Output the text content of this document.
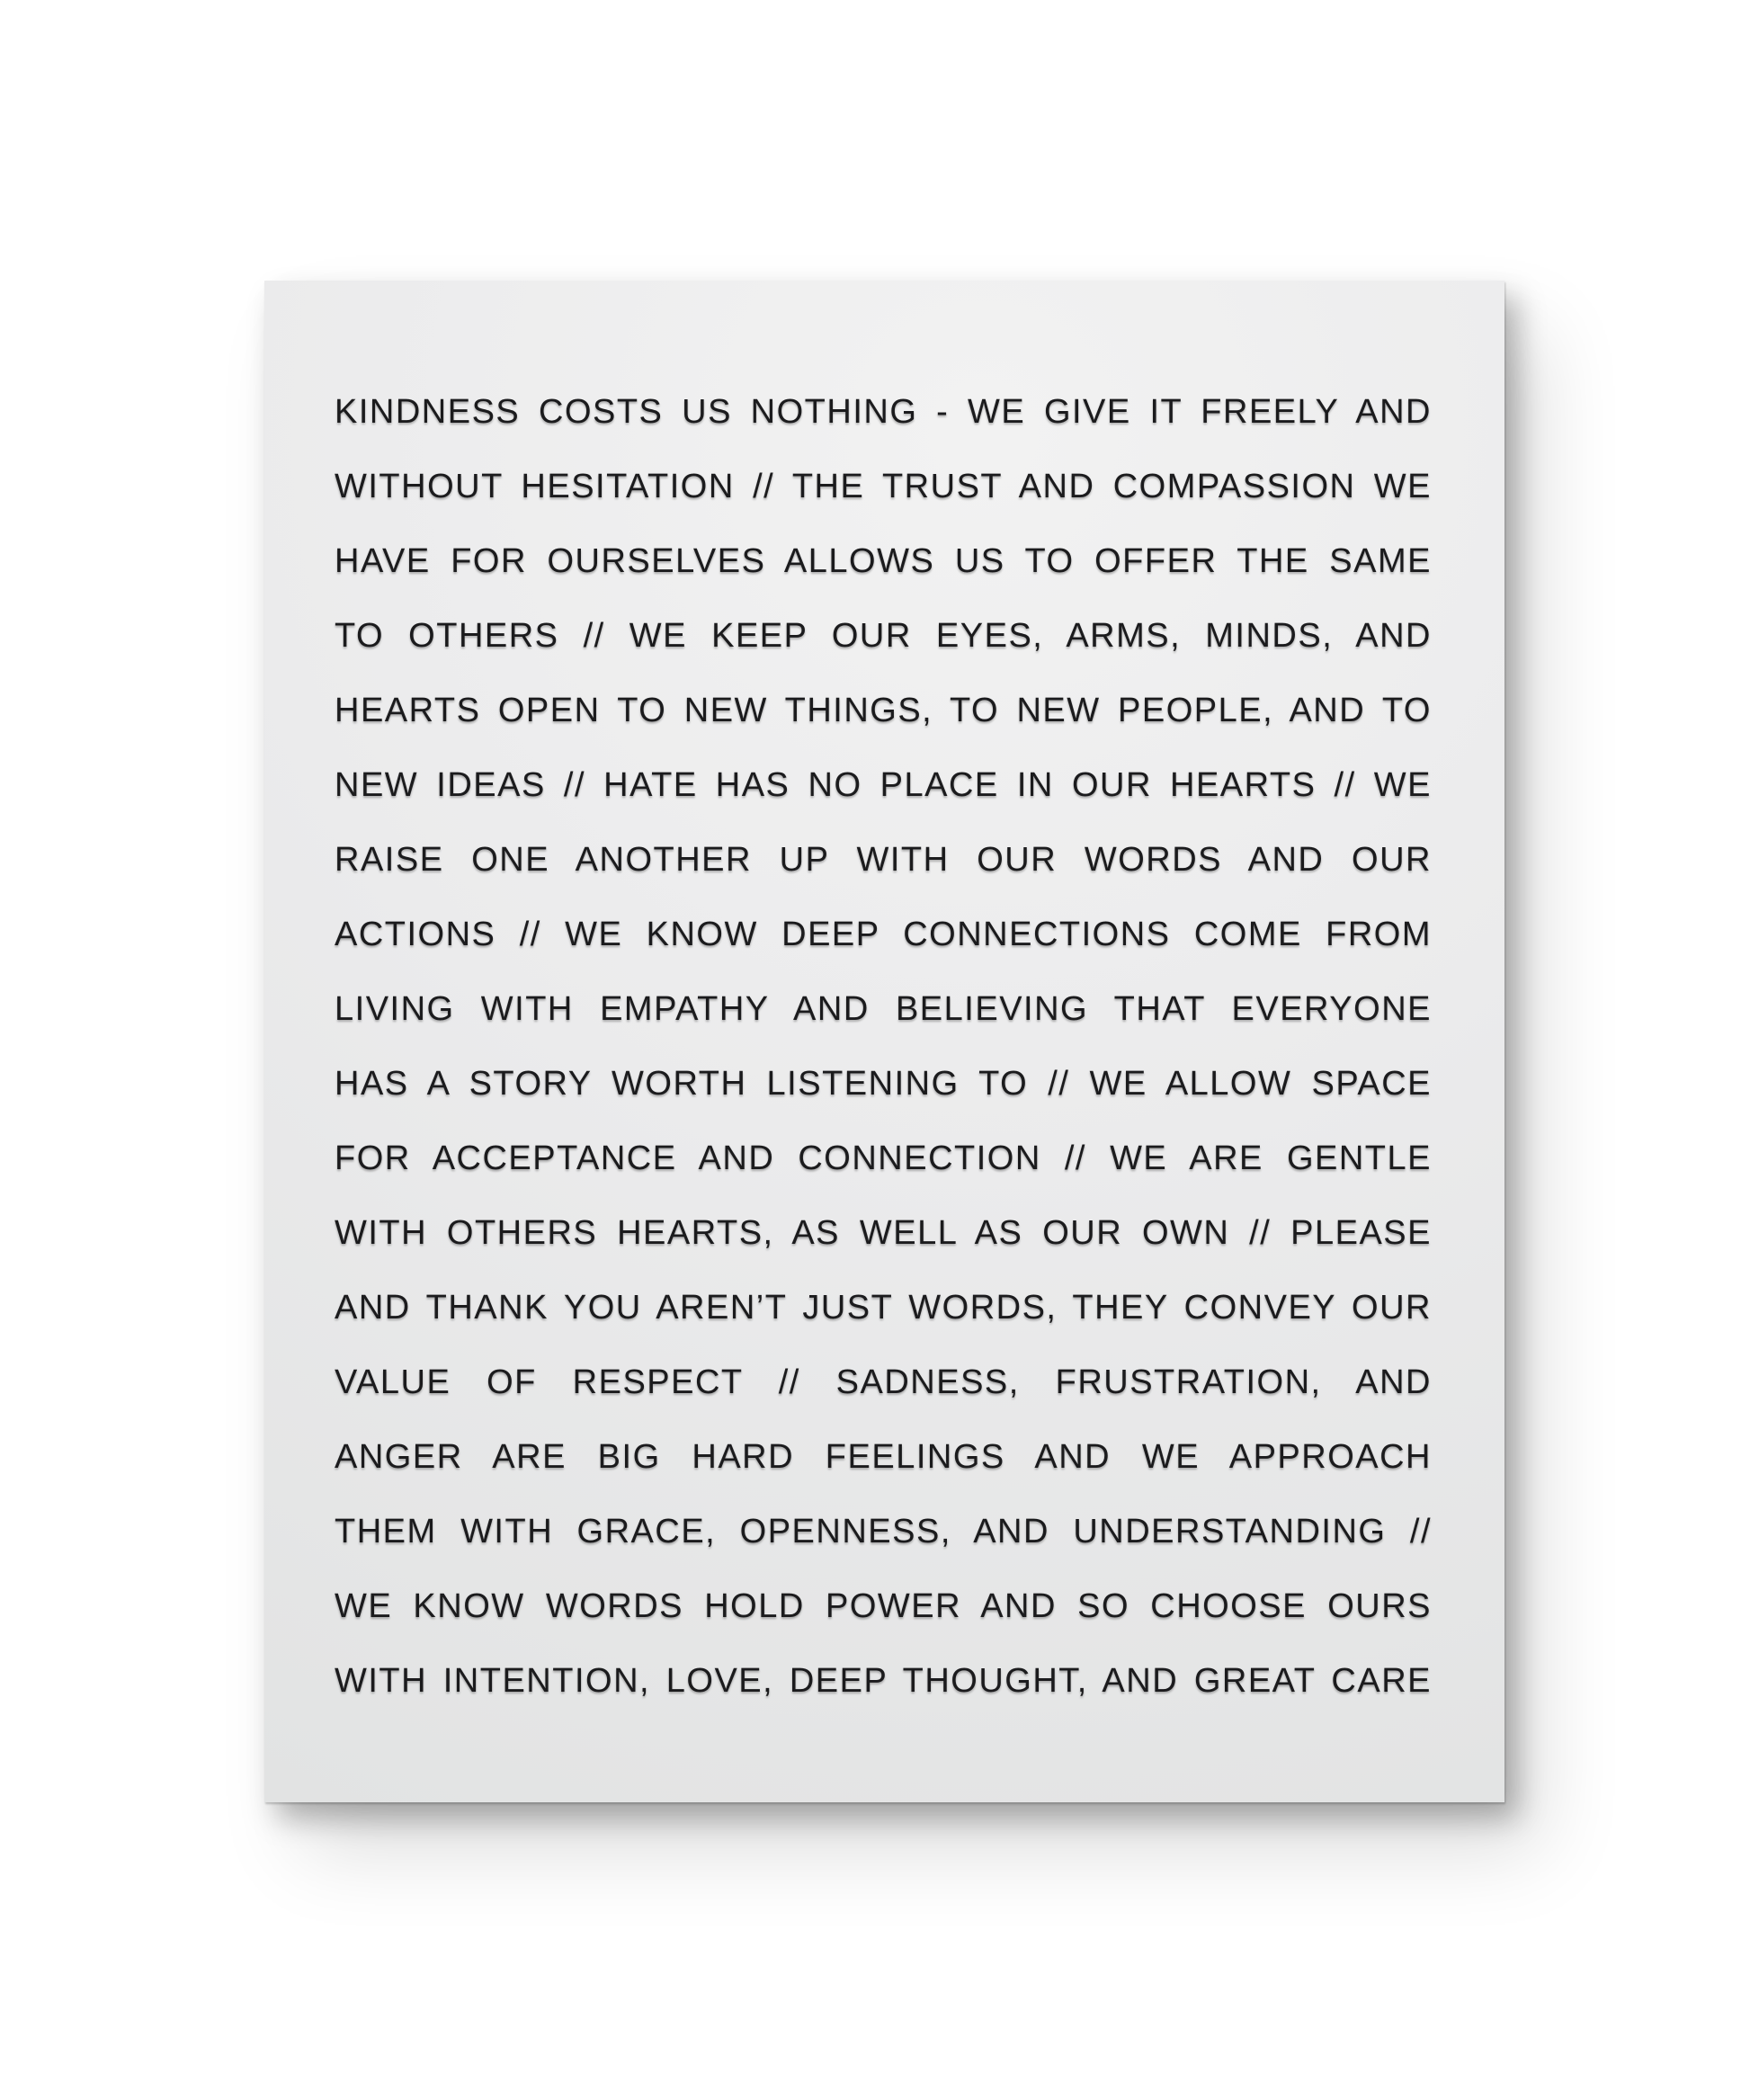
KINDNESS COSTS US NOTHING - WE GIVE IT FREELY AND
WITHOUT HESITATION // THE TRUST AND COMPASSION WE
HAVE FOR OURSELVES ALLOWS US TO OFFER THE SAME
TO OTHERS // WE KEEP OUR EYES, ARMS, MINDS, AND
HEARTS OPEN TO NEW THINGS, TO NEW PEOPLE, AND TO
NEW IDEAS // HATE HAS NO PLACE IN OUR HEARTS // WE
RAISE ONE ANOTHER UP WITH OUR WORDS AND OUR
ACTIONS // WE KNOW DEEP CONNECTIONS COME FROM
LIVING WITH EMPATHY AND BELIEVING THAT EVERYONE
HAS A STORY WORTH LISTENING TO // WE ALLOW SPACE
FOR ACCEPTANCE AND CONNECTION // WE ARE GENTLE
WITH OTHERS HEARTS, AS WELL AS OUR OWN // PLEASE
AND THANK YOU AREN’T JUST WORDS, THEY CONVEY OUR
VALUE OF RESPECT // SADNESS, FRUSTRATION, AND
ANGER ARE BIG HARD FEELINGS AND WE APPROACH
THEM WITH GRACE, OPENNESS, AND UNDERSTANDING //
WE KNOW WORDS HOLD POWER AND SO CHOOSE OURS
WITH INTENTION, LOVE, DEEP THOUGHT, AND GREAT CARE
